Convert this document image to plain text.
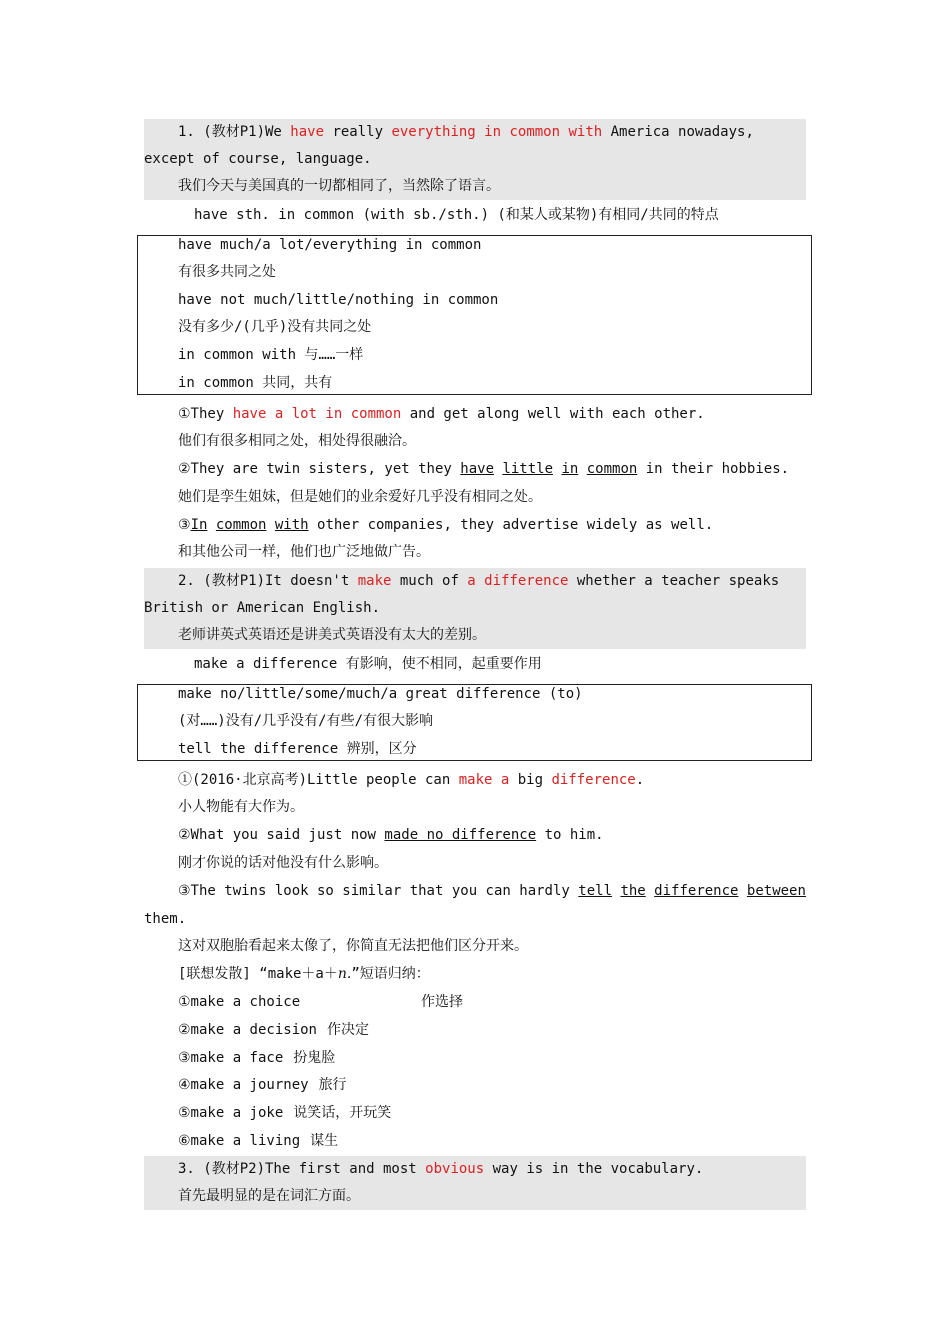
1. (教材P1)We have really everything in common with America nowadays,
except of course, language.
我们今天与美国真的一切都相同了，当然除了语言。
have sth. in common (with sb./sth.) (和某人或某物)有相同/共同的特点
have much/a lot/everything in common
有很多共同之处
have not much/little/nothing in common
没有多少/(几乎)没有共同之处
in common with 与……一样
in common 共同，共有
①They have a lot in common and get along well with each other.
他们有很多相同之处，相处得很融洽。
②They are twin sisters, yet they have little in common in their hobbies.
她们是孪生姐妹，但是她们的业余爱好几乎没有相同之处。
③In common with other companies, they advertise widely as well.
和其他公司一样，他们也广泛地做广告。
2. (教材P1)It doesn't make much of a difference whether a teacher speaks
British or American English.
老师讲英式英语还是讲美式英语没有太大的差别。
make a difference 有影响，使不相同，起重要作用
make no/little/some/much/a great difference (to)
(对……)没有/几乎没有/有些/有很大影响
tell the difference 辨别，区分
①(2016·北京高考)Little people can make a big difference.
小人物能有大作为。
②What you said just now made no difference to him.
刚才你说的话对他没有什么影响。
③The twins look so similar that you can hardly tell the difference between
them.
这对双胞胎看起来太像了，你简直无法把他们区分开来。
[联想发散] “make＋a＋n.”短语归纳：
①make a choice	作选择
②make a decision 作决定
③make a face 扮鬼脸
④make a journey 旅行
⑤make a joke 说笑话，开玩笑
⑥make a living 谋生
3. (教材P2)The first and most obvious way is in the vocabulary.
首先最明显的是在词汇方面。
